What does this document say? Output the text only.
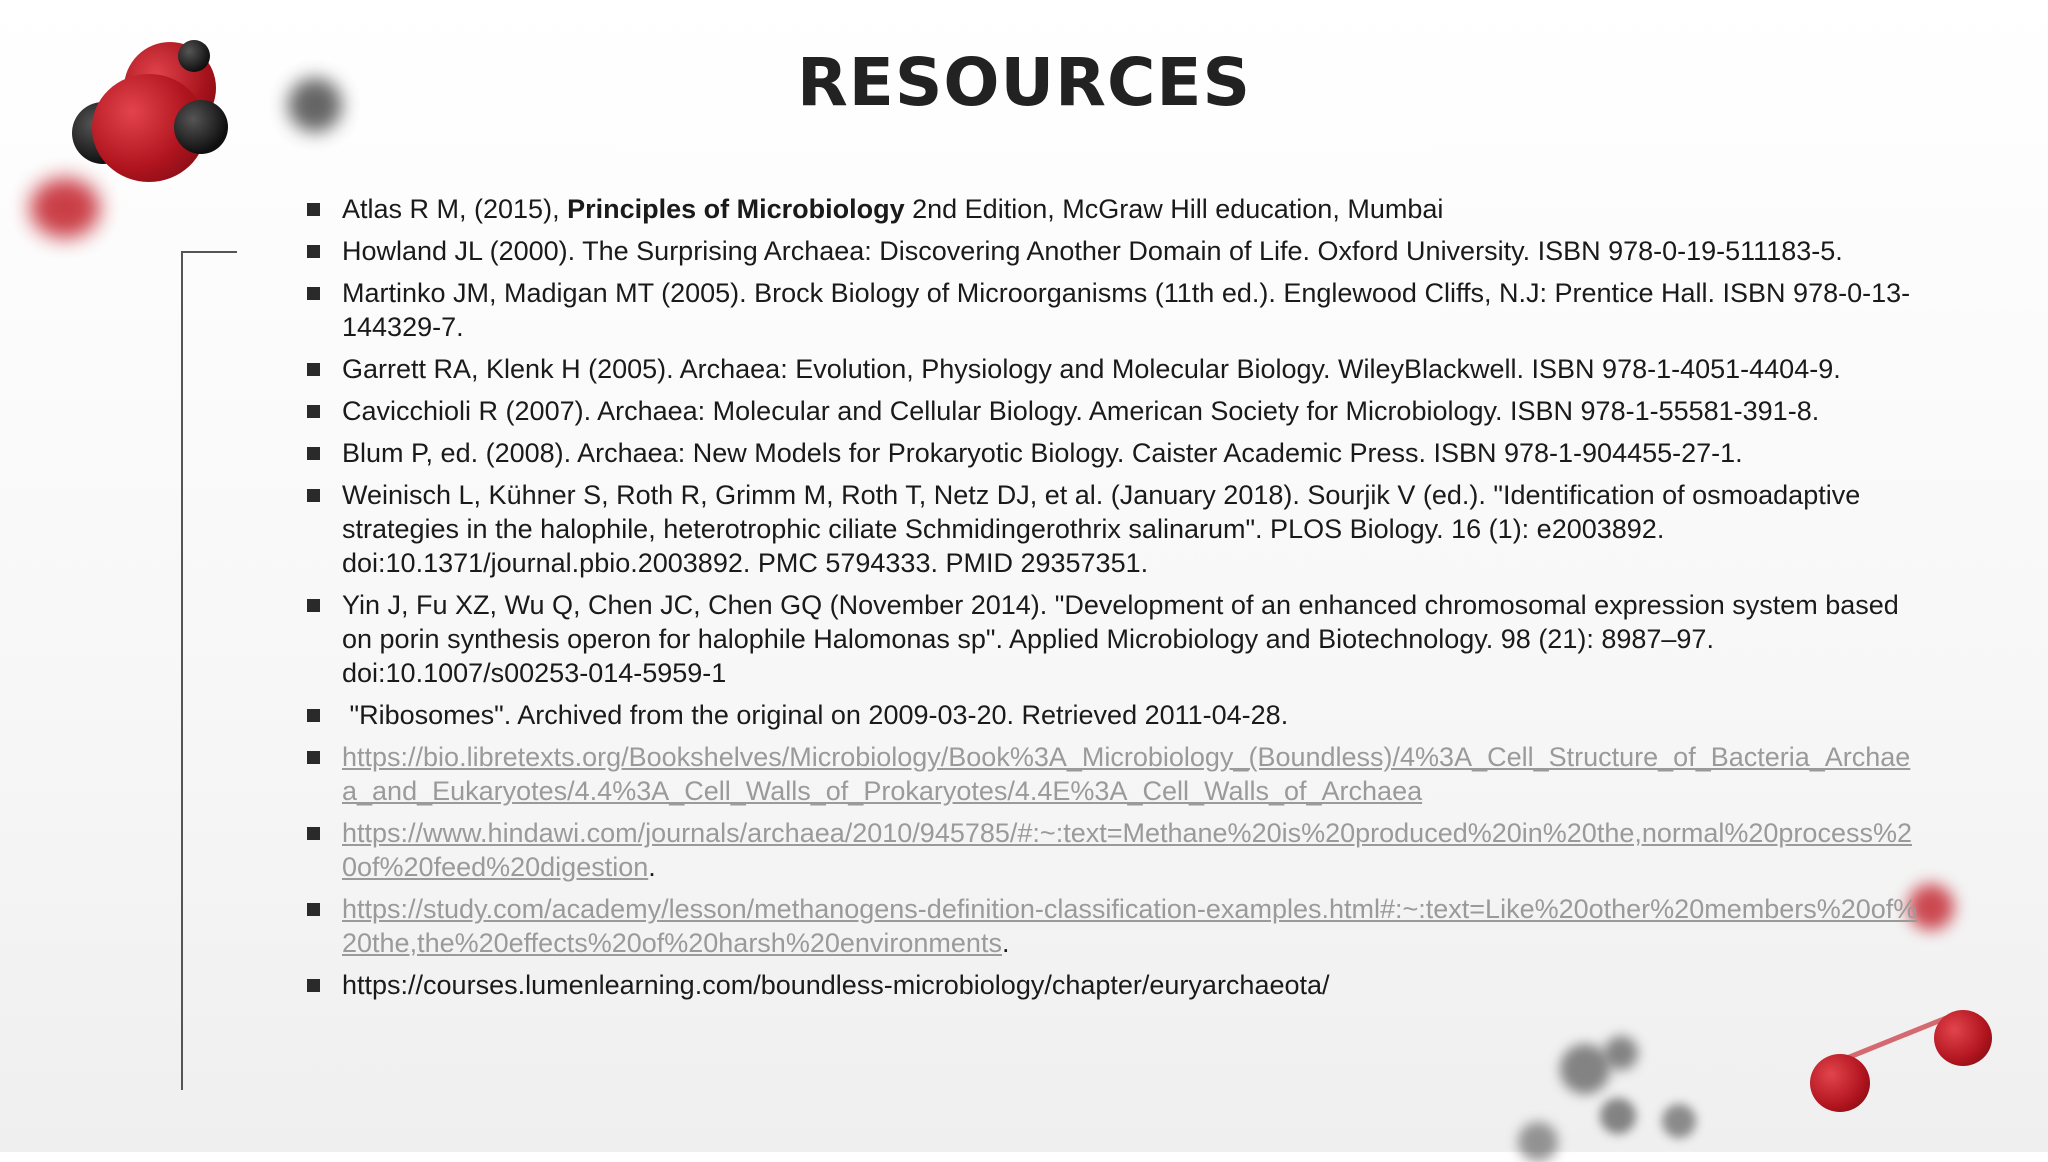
RESOURCES
Atlas R M, (2015), Principles of Microbiology 2nd Edition, McGraw Hill education, Mumbai
Howland JL (2000). The Surprising Archaea: Discovering Another Domain of Life. Oxford University. ISBN 978-0-19-511183-5.
Martinko JM, Madigan MT (2005). Brock Biology of Microorganisms (11th ed.). Englewood Cliffs, N.J: Prentice Hall. ISBN 978-0-13-144329-7.
Garrett RA, Klenk H (2005). Archaea: Evolution, Physiology and Molecular Biology. WileyBlackwell. ISBN 978-1-4051-4404-9.
Cavicchioli R (2007). Archaea: Molecular and Cellular Biology. American Society for Microbiology. ISBN 978-1-55581-391-8.
Blum P, ed. (2008). Archaea: New Models for Prokaryotic Biology. Caister Academic Press. ISBN 978-1-904455-27-1.
Weinisch L, Kühner S, Roth R, Grimm M, Roth T, Netz DJ, et al. (January 2018). Sourjik V (ed.). "Identification of osmoadaptive strategies in the halophile, heterotrophic ciliate Schmidingerothrix salinarum". PLOS Biology. 16 (1): e2003892. doi:10.1371/journal.pbio.2003892. PMC 5794333. PMID 29357351.
Yin J, Fu XZ, Wu Q, Chen JC, Chen GQ (November 2014). "Development of an enhanced chromosomal expression system based on porin synthesis operon for halophile Halomonas sp". Applied Microbiology and Biotechnology. 98 (21): 8987–97. doi:10.1007/s00253-014-5959-1
"Ribosomes". Archived from the original on 2009-03-20. Retrieved 2011-04-28.
https://bio.libretexts.org/Bookshelves/Microbiology/Book%3A_Microbiology_(Boundless)/4%3A_Cell_Structure_of_Bacteria_Archaea_and_Eukaryotes/4.4%3A_Cell_Walls_of_Prokaryotes/4.4E%3A_Cell_Walls_of_Archaea
https://www.hindawi.com/journals/archaea/2010/945785/#:~:text=Methane%20is%20produced%20in%20the,normal%20process%20of%20feed%20digestion.
https://study.com/academy/lesson/methanogens-definition-classification-examples.html#:~:text=Like%20other%20members%20of%20the,the%20effects%20of%20harsh%20environments.
https://courses.lumenlearning.com/boundless-microbiology/chapter/euryarchaeota/
